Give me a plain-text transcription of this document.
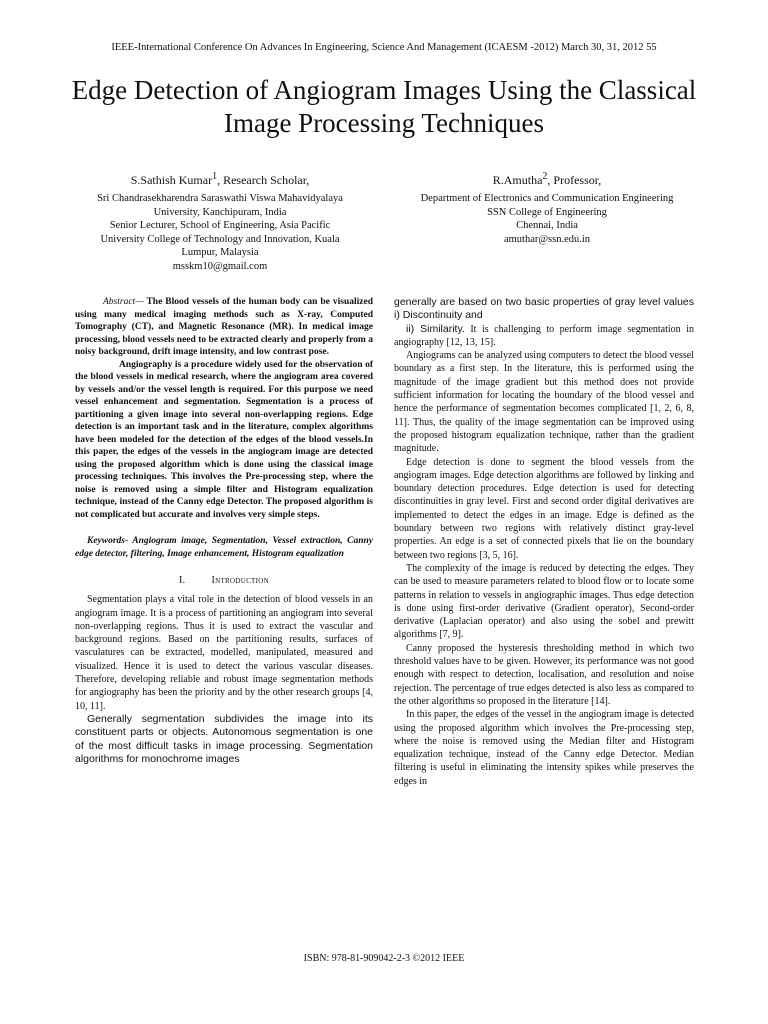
IEEE-International Conference On Advances In Engineering, Science And Management (ICAESM -2012) March 30, 31, 2012 55
Edge Detection of Angiogram Images Using the Classical Image Processing Techniques
S.Sathish Kumar$^1$, Research Scholar,
Sri Chandrasekharendra Saraswathi Viswa Mahavidyalaya
University, Kanchipuram, India
Senior Lecturer, School of Engineering, Asia Pacific
University College of Technology and Innovation, Kuala
Lumpur, Malaysia
msskm10@gmail.com
R.Amutha$^2$, Professor,
Department of Electronics and Communication Engineering
SSN College of Engineering
Chennai, India
amuthar@ssn.edu.in

Abstract— The Blood vessels of the human body can be visualized using many medical imaging methods such as X-ray, Computed Tomography (CT), and Magnetic Resonance (MR). In medical image processing, blood vessels need to be extracted clearly and properly from a noisy background, drift image intensity, and low contrast pose.

Angiography is a procedure widely used for the observation of the blood vessels in medical research, where the angiogram area covered by vessels and/or the vessel length is required. For this purpose we need vessel enhancement and segmentation. Segmentation is a process of partitioning a given image into several non-overlapping regions. Edge detection is an important task and in the literature, complex algorithms have been modeled for the detection of the edges of the blood vessels.In this paper, the edges of the vessels in the angiogram image are detected using the proposed algorithm which is done using the classical image processing techniques. This involves the Pre-processing step, where the noise is removed using a simple filter and Histogram equalization technique, instead of the Canny edge Detector. The proposed algorithm is not complicated but accurate and involves very simple steps.

Keywords- Angiogram image, Segmentation, Vessel extraction, Canny edge detector, filtering, Image enhancement, Histogram equalization

I.	Introduction

Segmentation plays a vital role in the detection of blood vessels in an angiogram image. It is a process of partitioning an angiogram into several non-overlapping regions. Thus it is used to extract the vascular and background regions. Based on the partitioning results, surfaces of vasculatures can be extracted, modelled, manipulated, measured and visualized. Hence it is used to detect the various vascular diseases. Therefore, developing reliable and robust image segmentation methods for angiography has been the priority and by the other research groups [4, 10, 11].

Generally segmentation subdivides the image into its constituent parts or objects. Autonomous segmentation is one of the most difficult tasks in image processing. Segmentation algorithms for monochrome images

generally are based on two basic properties of gray level values i) Discontinuity and

ii) Similarity. It is challenging to perform image segmentation in angiography [12, 13, 15].

Angiograms can be analyzed using computers to detect the blood vessel boundary as a first step. In the literature, this is performed using the magnitude of the image gradient but this method does not provide sufficient information for locating the boundary of the blood vessel and hence the performance of segmentation becomes complicated [1, 2, 6, 8, 11]. Thus, the quality of the image segmentation can be improved using the proposed histogram equalization technique, rather than the gradient magnitude.

Edge detection is done to segment the blood vessels from the angiogram images. Edge detection algorithms are followed by linking and boundary detection procedures. Edge detection is used for detecting discontinuities in gray level. First and second order digital derivatives are implemented to detect the edges in an image. Edge is defined as the boundary between two regions with relatively distinct gray-level properties. An edge is a set of connected pixels that lie on the boundary between two regions [3, 5, 16].

The complexity of the image is reduced by detecting the edges. They can be used to measure parameters related to blood flow or to locate some patterns in relation to vessels in angiographic images. Thus edge detection is done using first-order derivative (Gradient operator), Second-order derivative (Laplacian operator) and also using the sobel and prewitt algorithms [7, 9].

Canny proposed the hysteresis thresholding method in which two threshold values have to be given. However, its performance was not good enough with respect to detection, localisation, and resolution and noise rejection. The percentage of true edges detected is also less as compared to the other algorithms so proposed in the literature [14].

In this paper, the edges of the vessel in the angiogram image is detected using the proposed algorithm which involves the Pre-processing step, where the noise is removed using the Median filter and Histogram equalization technique, instead of the Canny edge Detector. Median filtering is useful in eliminating the intensity spikes while preserves the edges in

ISBN: 978-81-909042-2-3 ©2012 IEEE
